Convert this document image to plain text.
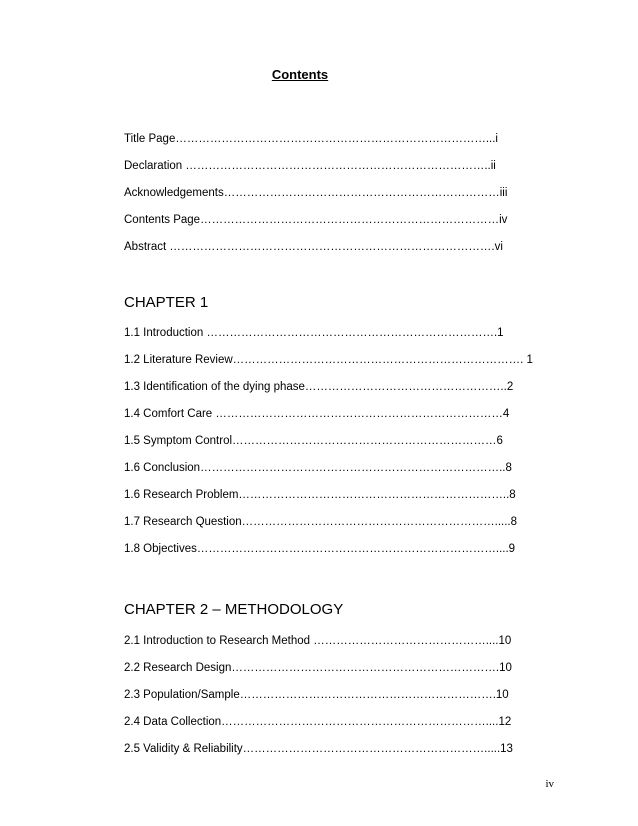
Contents
Title Page………………………………………………………………………...i
Declaration ……………………………………………………………………..ii
Acknowledgements………………………………………………………………iii
Contents Page……………………………………………………………………iv
Abstract ………………………………………………………………………….vi
CHAPTER 1
1.1 Introduction ………………………………………………………………….1
1.2 Literature Review…………………………………………………………………. 1
1.3 Identification of the dying phase……………………………………………..2
1.4 Comfort Care …………………………………………………………………4
1.5 Symptom Control……………………………………………………………6
1.6 Conclusion……………………………………………………………………..8
1.6 Research Problem……………………………………………………………..8
1.7 Research Question………………………………………………………….....8
1.8 Objectives……………………………………………………………………....9
CHAPTER 2 – METHODOLOGY
2.1 Introduction to Research Method ………………………………………....10
2.2 Research Design…………………………………………………………….10
2.3 Population/Sample………………………………………………………….10
2.4 Data Collection……………………………………………………………....12
2.5 Validity & Reliability……………………………………………………….....13
iv
